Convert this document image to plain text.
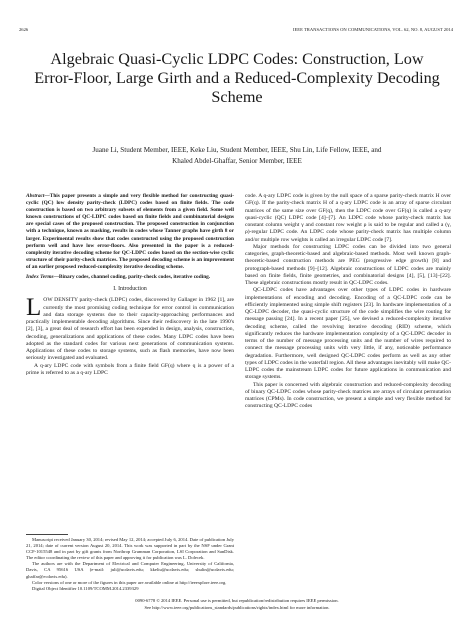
2626	IEEE TRANSACTIONS ON COMMUNICATIONS, VOL. 62, NO. 8, AUGUST 2014
Algebraic Quasi-Cyclic LDPC Codes: Construction, Low Error-Floor, Large Girth and a Reduced-Complexity Decoding Scheme
Juane Li, Student Member, IEEE, Keke Liu, Student Member, IEEE, Shu Lin, Life Fellow, IEEE, and
Khaled Abdel-Ghaffar, Senior Member, IEEE
Abstract—This paper presents a simple and very flexible method for constructing quasi-cyclic (QC) low density parity-check (LDPC) codes based on finite fields. The code construction is based on two arbitrary subsets of elements from a given field. Some well known constructions of QC-LDPC codes based on finite fields and combinatorial designs are special cases of the proposed construction. The proposed construction in conjunction with a technique, known as masking, results in codes whose Tanner graphs have girth 8 or larger. Experimental results show that codes constructed using the proposed construction perform well and have low error-floors. Also presented in the paper is a reduced-complexity iterative decoding scheme for QC-LDPC codes based on the section-wise cyclic structure of their parity-check matrices. The proposed decoding scheme is an improvement of an earlier proposed reduced-complexity iterative decoding scheme.
Index Terms—Binary codes, channel coding, parity-check codes, iterative coding.
I. Introduction

LOW DENSITY parity-check (LDPC) codes, discovered by Gallager in 1962 [1], are currently the most promising coding technique for error control in communication and data storage systems due to their capacity-approaching performances and practically implementable decoding algorithms. Since their rediscovery in the late 1990's [2], [3], a great deal of research effort has been expended in design, analysis, construction, decoding, generalizations and applications of these codes. Many LDPC codes have been adopted as the standard codes for various next generations of communication systems. Applications of these codes to storage systems, such as flash memories, have now been seriously investigated and evaluated.

A q-ary LDPC code with symbols from a finite field GF(q) where q is a power of a prime is referred to as a q-ary LDPC

Manuscript received January 30, 2014; revised May 12, 2014; accepted July 6, 2014. Date of publication July 21, 2014; date of current version August 20, 2014. This work was supported in part by the NSF under Grant CCF-1015548 and in part by gift grants from Northrop Grumman Corporation, LSI Corporation and SanDisk. The editor coordinating the review of this paper and approving it for publication was L. Dolecek.

The authors are with the Department of Electrical and Computer Engineering, University of California, Davis, CA 95616 USA (e-mail: juli@ucdavis.edu; kkeliu@ucdavis.edu; shulin@ucdavis.edu; ghaffar@ecdavis.edu).

Color versions of one or more of the figures in this paper are available online at http://ieeexplore.ieee.org.

Digital Object Identifier 10.1109/TCOMM.2014.2339329

code. A q-ary LDPC code is given by the null space of a sparse parity-check matrix H over GF(q). If the parity-check matrix H of a q-ary LDPC code is an array of sparse circulant matrices of the same size over GF(q), then the LDPC code over GF(q) is called a q-ary quasi-cyclic (QC) LDPC code [4]–[7]. An LDPC code whose parity-check matrix has constant column weight γ and constant row weight ρ is said to be regular and called a (γ, ρ)-regular LDPC code. An LDPC code whose parity-check matrix has multiple column and/or multiple row weights is called an irregular LDPC code [7].

Major methods for constructing LDPC codes can be divided into two general categories, graph-theoretic-based and algebraic-based methods. Most well known graph-theoretic-based construction methods are PEG (progressive edge growth) [8] and protograph-based methods [9]–[12]. Algebraic constructions of LDPC codes are mainly based on finite fields, finite geometries, and combinatorial designs [4], [5], [13]–[22]. These algebraic constructions mostly result in QC-LDPC codes.

QC-LDPC codes have advantages over other types of LDPC codes in hardware implementations of encoding and decoding. Encoding of a QC-LDPC code can be efficiently implemented using simple shift registers [23]. In hardware implementation of a QC-LDPC decoder, the quasi-cyclic structure of the code simplifies the wire routing for message passing [24]. In a recent paper [25], we devised a reduced-complexity iterative decoding scheme, called the revolving iterative decoding (RID) scheme, which significantly reduces the hardware implementation complexity of a QC-LDPC decoder in terms of the number of message processing units and the number of wires required to connect the message processing units with very little, if any, noticeable performance degradation. Furthermore, well designed QC-LDPC codes perform as well as any other types of LDPC codes in the waterfall region. All these advantages inevitably will make QC-LDPC codes the mainstream LDPC codes for future applications in communication and storage systems.

This paper is concerned with algebraic construction and reduced-complexity decoding of binary QC-LDPC codes whose parity-check matrices are arrays of circulant permutation matrices (CPMs). In code construction, we present a simple and very flexible method for constructing QC-LDPC codes

0090-6778 © 2014 IEEE. Personal use is permitted, but republication/redistribution requires IEEE permission.
See http://www.ieee.org/publications_standards/publications/rights/index.html for more information.
